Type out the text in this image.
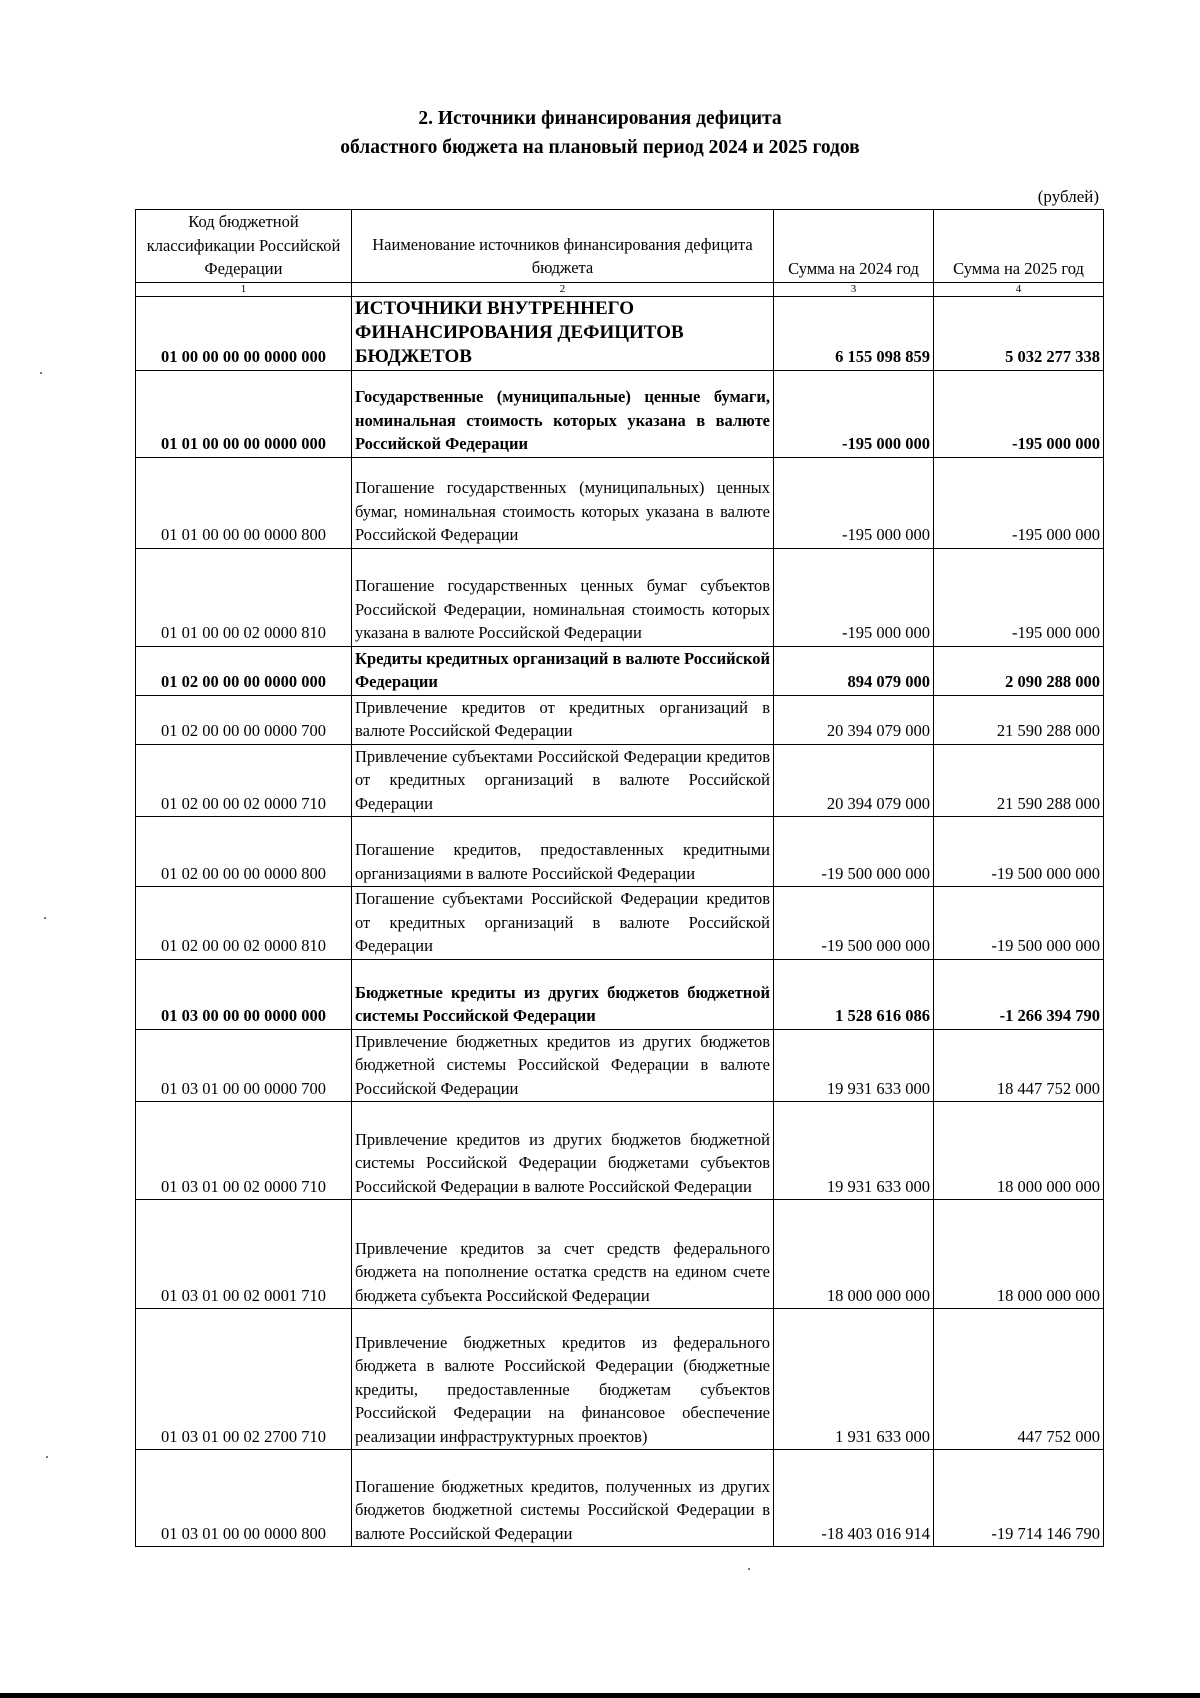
2. Источники финансирования дефицита
областного бюджета на плановый период 2024 и 2025 годов
(рублей)
Код бюджетной классификации Российской Федерации	Наименование источников финансирования дефицита бюджета	Сумма на 2024 год	Сумма на 2025 год
1	2	3	4
01 00 00 00 00 0000 000	ИСТОЧНИКИ ВНУТРЕННЕГО ФИНАНСИРОВАНИЯ ДЕФИЦИТОВ БЮДЖЕТОВ	6 155 098 859	5 032 277 338
01 01 00 00 00 0000 000	Государственные (муниципальные) ценные бумаги, номинальная стоимость которых указана в валюте Российской Федерации	-195 000 000	-195 000 000
01 01 00 00 00 0000 800	Погашение государственных (муниципальных) ценных бумаг, номинальная стоимость которых указана в валюте Российской Федерации	-195 000 000	-195 000 000
01 01 00 00 02 0000 810	Погашение государственных ценных бумаг субъектов Российской Федерации, номинальная стоимость которых указана в валюте Российской Федерации	-195 000 000	-195 000 000
01 02 00 00 00 0000 000	Кредиты кредитных организаций в валюте Российской Федерации	894 079 000	2 090 288 000
01 02 00 00 00 0000 700	Привлечение кредитов от кредитных организаций в валюте Российской Федерации	20 394 079 000	21 590 288 000
01 02 00 00 02 0000 710	Привлечение субъектами Российской Федерации кредитов от кредитных организаций в валюте Российской Федерации	20 394 079 000	21 590 288 000
01 02 00 00 00 0000 800	Погашение кредитов, предоставленных кредитными организациями в валюте Российской Федерации	-19 500 000 000	-19 500 000 000
01 02 00 00 02 0000 810	Погашение субъектами Российской Федерации кредитов от кредитных организаций в валюте Российской Федерации	-19 500 000 000	-19 500 000 000
01 03 00 00 00 0000 000	Бюджетные кредиты из других бюджетов бюджетной системы Российской Федерации	1 528 616 086	-1 266 394 790
01 03 01 00 00 0000 700	Привлечение бюджетных кредитов из других бюджетов бюджетной системы Российской Федерации в валюте Российской Федерации	19 931 633 000	18 447 752 000
01 03 01 00 02 0000 710	Привлечение кредитов из других бюджетов бюджетной системы Российской Федерации бюджетами субъектов Российской Федерации в валюте Российской Федерации	19 931 633 000	18 000 000 000
01 03 01 00 02 0001 710	Привлечение кредитов за счет средств федерального бюджета на пополнение остатка средств на едином счете бюджета субъекта Российской Федерации	18 000 000 000	18 000 000 000
01 03 01 00 02 2700 710	Привлечение бюджетных кредитов из федерального бюджета в валюте Российской Федерации (бюджетные кредиты, предоставленные бюджетам субъектов Российской Федерации на финансовое обеспечение реализации инфраструктурных проектов)	1 931 633 000	447 752 000
01 03 01 00 00 0000 800	Погашение бюджетных кредитов, полученных из других бюджетов бюджетной системы Российской Федерации в валюте Российской Федерации	-18 403 016 914	-19 714 146 790
